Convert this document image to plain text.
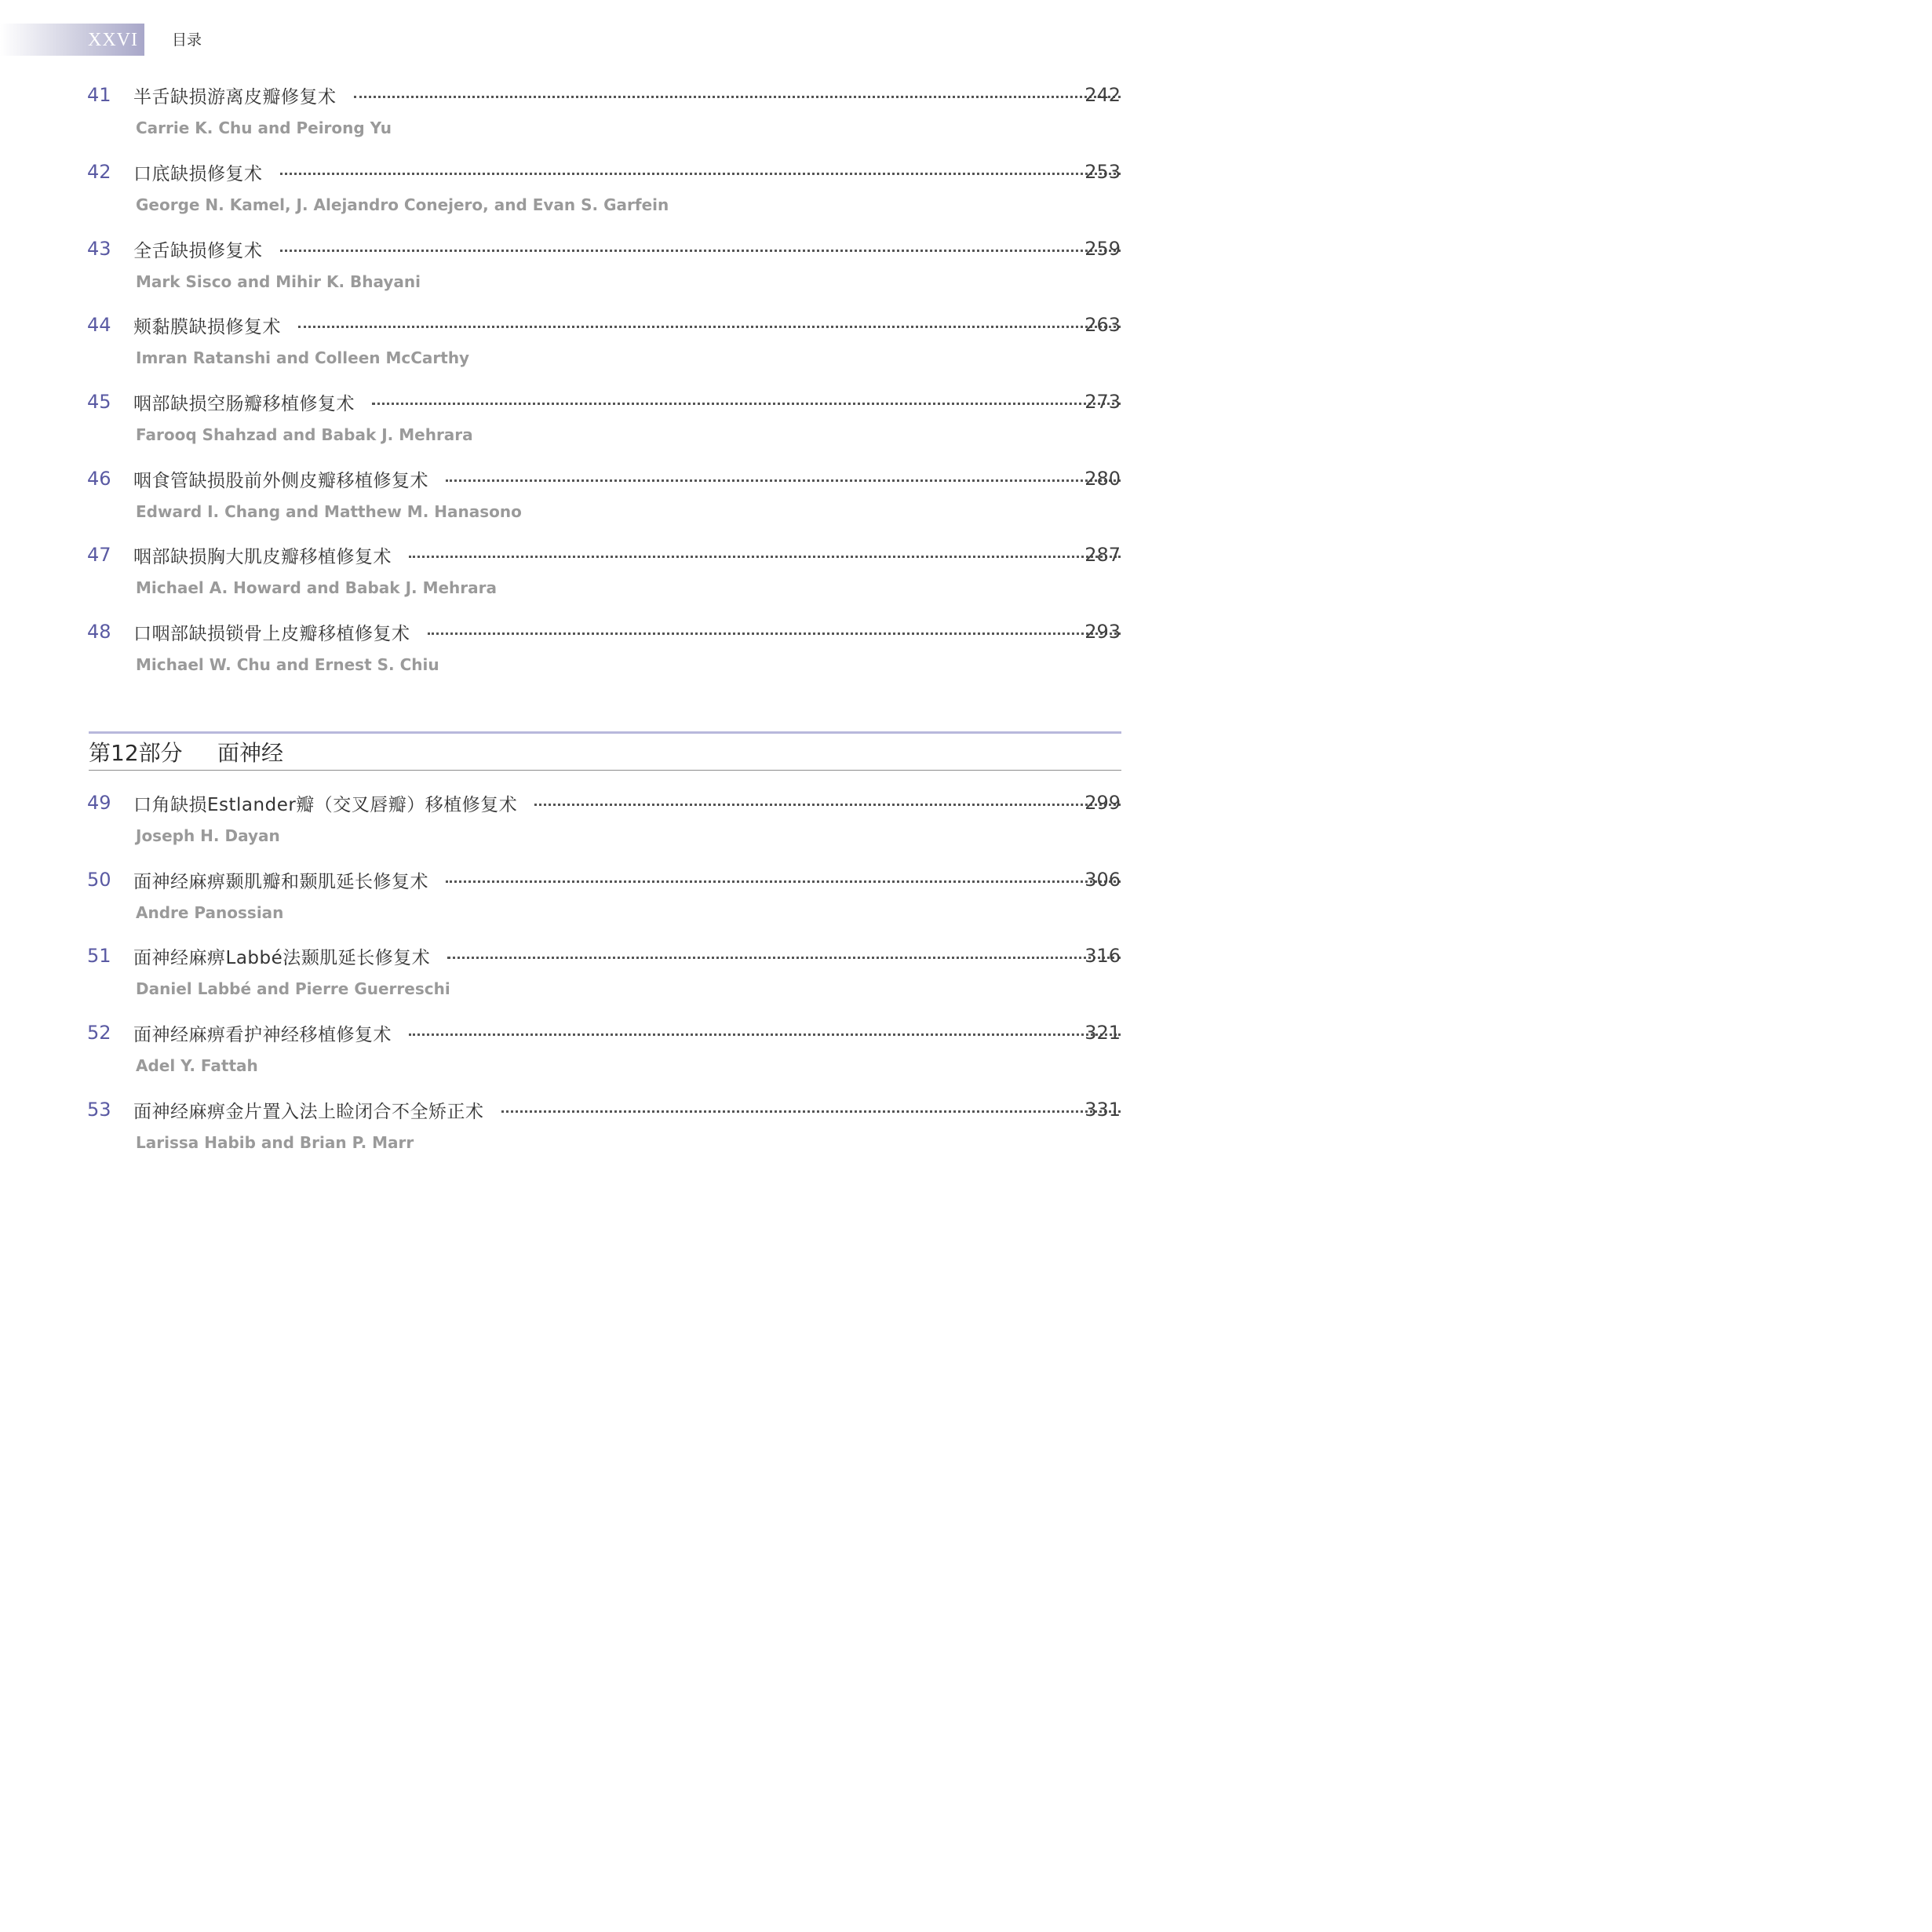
XXVI	目录
41 半舌缺损游离皮瓣修复术	242
Carrie K. Chu and Peirong Yu
42 口底缺损修复术	253
George N. Kamel, J. Alejandro Conejero, and Evan S. Garfein
43 全舌缺损修复术	259
Mark Sisco and Mihir K. Bhayani
44 颊黏膜缺损修复术	263
Imran Ratanshi and Colleen McCarthy
45 咽部缺损空肠瓣移植修复术	273
Farooq Shahzad and Babak J. Mehrara
46 咽食管缺损股前外侧皮瓣移植修复术	280
Edward I. Chang and Matthew M. Hanasono
47 咽部缺损胸大肌皮瓣移植修复术	287
Michael A. Howard and Babak J. Mehrara
48 口咽部缺损锁骨上皮瓣移植修复术	293
Michael W. Chu and Ernest S. Chiu
第12部分 面神经
49 口角缺损Estlander瓣（交叉唇瓣）移植修复术	299
Joseph H. Dayan
50 面神经麻痹颞肌瓣和颞肌延长修复术	306
Andre Panossian
51 面神经麻痹Labbé法颞肌延长修复术	316
Daniel Labbé and Pierre Guerreschi
52 面神经麻痹看护神经移植修复术	321
Adel Y. Fattah
53 面神经麻痹金片置入法上睑闭合不全矫正术	331
Larissa Habib and Brian P. Marr
